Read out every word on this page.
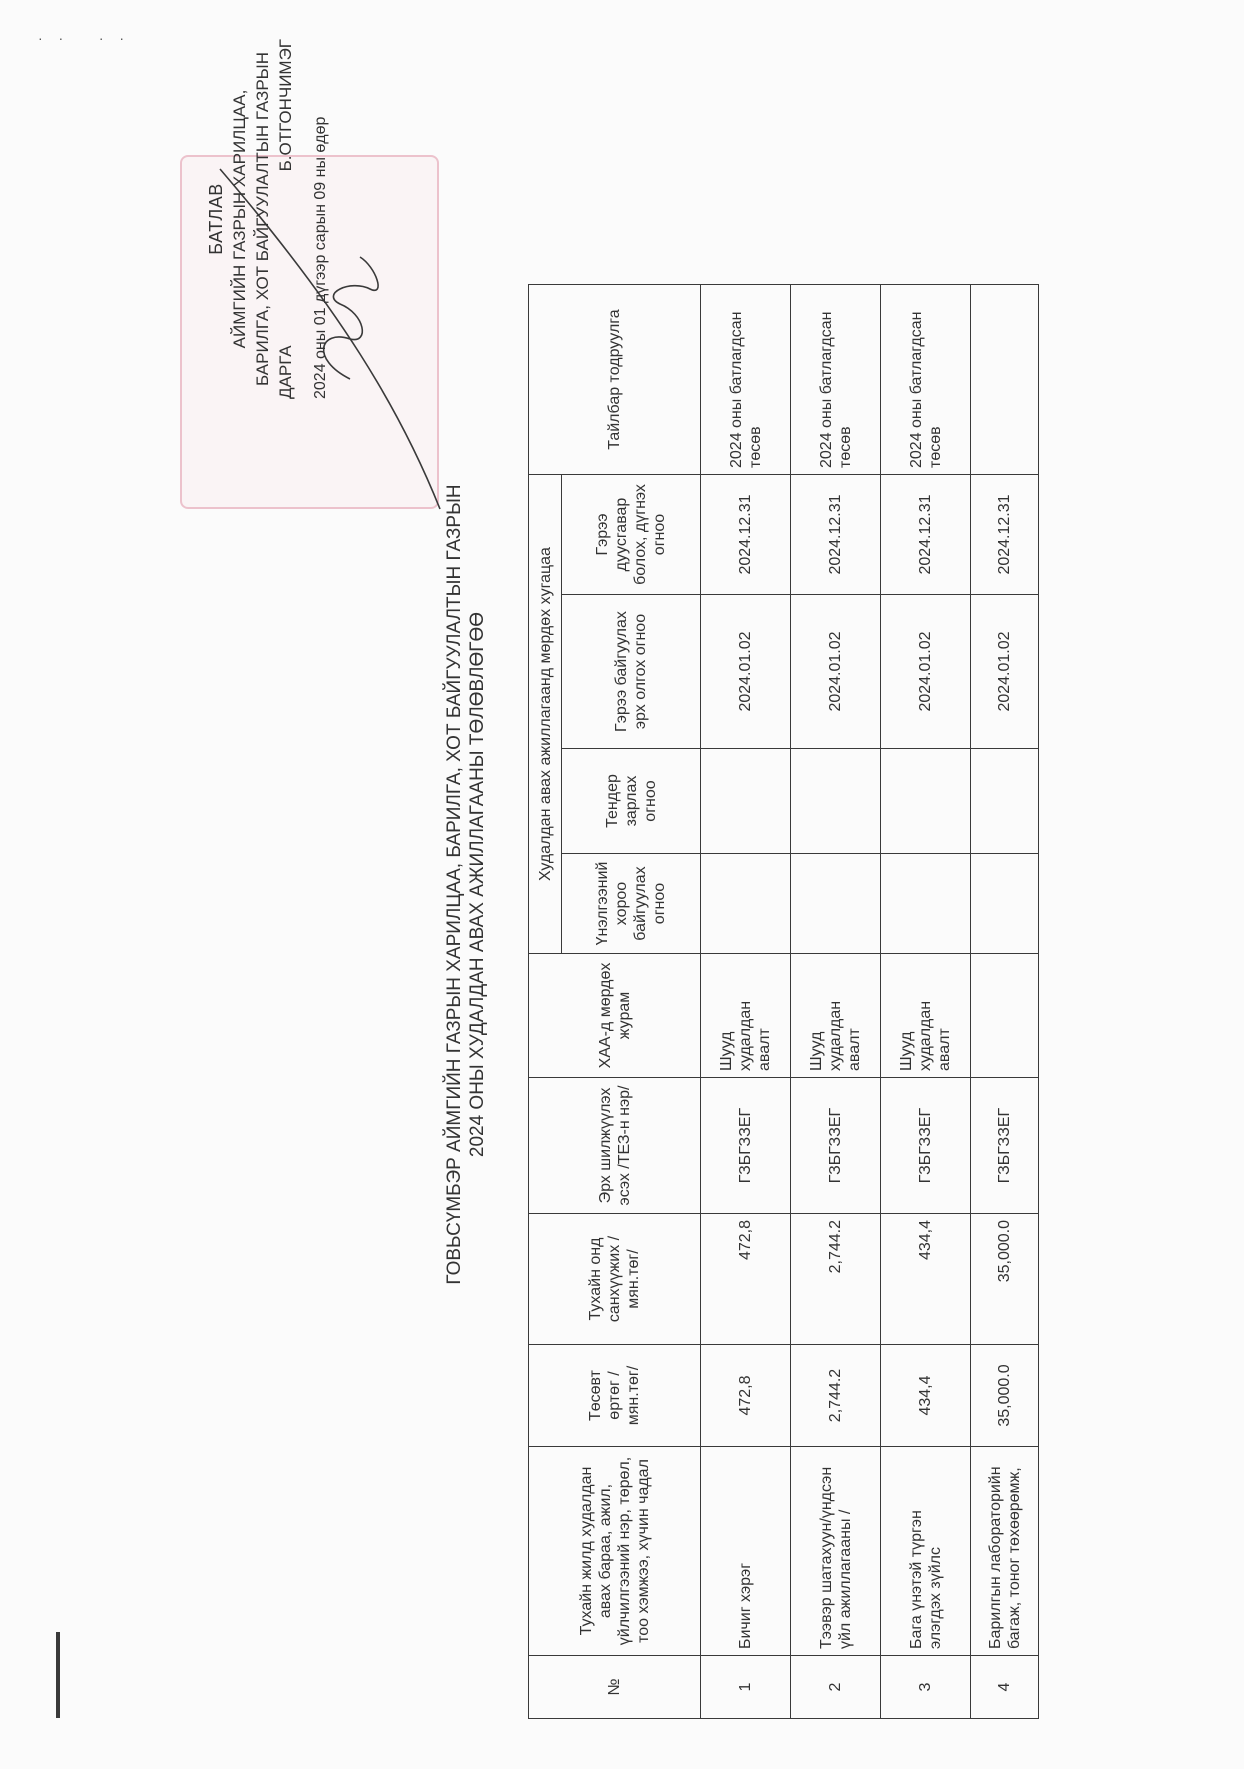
· ·   · ·
БАТЛАВ АЙМГИЙН ГАЗРЫН ХАРИЛЦАА, БАРИЛГА, ХОТ БАЙГУУЛАЛТЫН ГАЗРЫН ДАРГА
Б.ОТГОНЧИМЭГ
2024 оны 01 дүгээр сарын 09 ны өдөр
ГОВЬСҮМБЭР АЙМГИЙН ГАЗРЫН ХАРИЛЦАА, БАРИЛГА, ХОТ БАЙГУУЛАЛТЫН ГАЗРЫН 2024 ОНЫ ХУДАЛДАН АВАХ АЖИЛЛАГААНЫ ТӨЛӨВЛӨГӨӨ
№	Тухайн жилд худалдан авах бараа, ажил, үйлчилгээний нэр, төрөл, тоо хэмжээ, хүчин чадал	Төсөвт өртөг /мян.төг/	Тухайн онд санхүүжих /мян.төг/	Эрх шилжүүлэх эсэх /ТЕЗ-н нэр/	ХАА-д мөрдөх журам	Худалдан авах ажиллагаанд мөрдөх хугацаа				Тайлбар тодруулга
						Үнэлгээний хороо байгуулах огноо	Тендер зарлах огноо	Гэрээ байгуулах эрх олгох огноо	Гэрээ дуусгавар болох, дүгнэх огноо	
1	Бичиг хэрэг	472,8	472,8	ГЗБГЗЗЕГ	Шууд худалдан авалт			2024.01.02	2024.12.31	2024 оны батлагдсан төсөв
2	Тээвэр шатахуун/үндсэн үйл ажиллагааны /	2,744.2	2,744.2	ГЗБГЗЗЕГ	Шууд худалдан авалт			2024.01.02	2024.12.31	2024 оны батлагдсан төсөв
3	Бага үнэтэй түргэн элэгдэх зүйлс	434,4	434,4	ГЗБГЗЗЕГ	Шууд худалдан авалт			2024.01.02	2024.12.31	2024 оны батлагдсан төсөв
4	Барилгын лабораторийн багаж, тоног төхөөрөмж,	35,000.0	35,000.0	ГЗБГЗЗЕГ				2024.01.02	2024.12.31	
